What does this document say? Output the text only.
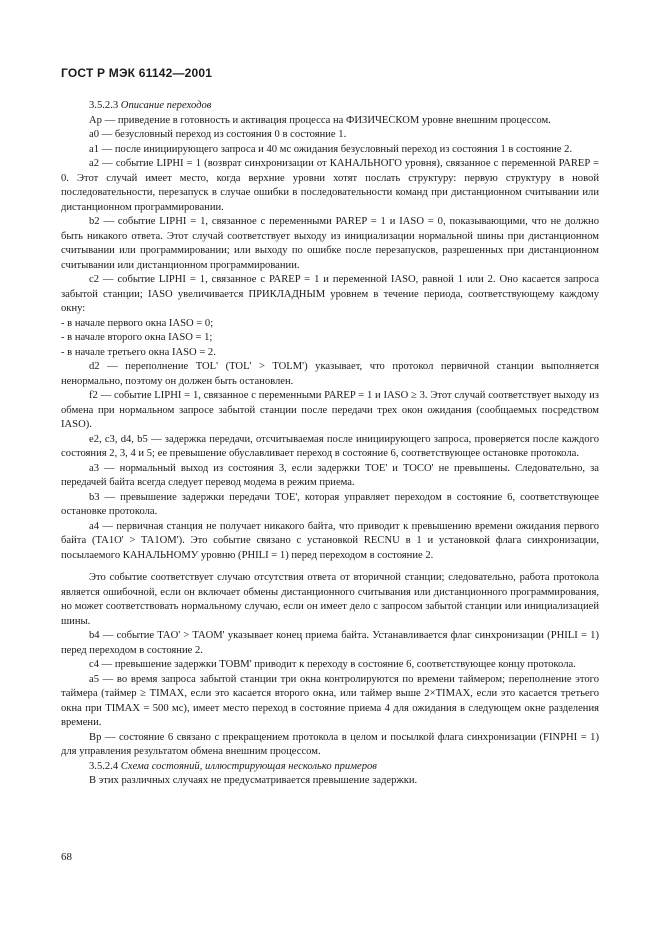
ГОСТ Р МЭК 61142—2001

3.5.2.3 Описание переходов

Ар — приведение в готовность и активация процесса на ФИЗИЧЕСКОМ уровне внешним процессом.

а0 — безусловный переход из состояния 0 в состояние 1.

а1 — после инициирующего запроса и 40 мс ожидания безусловный переход из состояния 1 в состояние 2.

а2 — событие LIPHI = 1 (возврат синхронизации от КАНАЛЬНОГО уровня), связанное с переменной РАREP = 0. Этот случай имеет место, когда верхние уровни хотят послать структуру: первую структуру в новой последовательности, перезапуск в случае ошибки в последовательности команд при дистанционном считывании или дистанционном программировании.

b2 — событие LIPHI = 1, связанное с переменными РАREP = 1 и IASO = 0, показывающими, что не должно быть никакого ответа. Этот случай соответствует выходу из инициализации нормальной шины при дистанционном считывании или программировании; или выходу по ошибке после перезапусков, разрешенных при дистанционном считывании или дистанционном программировании.

с2 — событие LIPHI = 1, связанное с РАREP = 1 и переменной IASO, равной 1 или 2. Оно касается запроса забытой станции; IASO увеличивается ПРИКЛАДНЫМ уровнем в течение периода, соответствующему каждому окну:

- в начале первого окна IASO = 0;

- в начале второго окна IASO = 1;

- в начале третьего окна IASO = 2.

d2 — переполнение TOL' (TOL' > TOLM') указывает, что протокол первичной станции выполняется ненормально, поэтому он должен быть остановлен.

f2 — событие LIPHI = 1, связанное с переменными РАREP = 1 и IASO ≥ 3. Этот случай соответствует выходу из обмена при нормальном запросе забытой станции после передачи трех окон ожидания (сообщаемых посредством IASO).

е2, с3, d4, b5 — задержка передачи, отсчитываемая после инициирующего запроса, проверяется после каждого состояния 2, 3, 4 и 5; ее превышение обуславливает переход в состояние 6, соответствующее остановке протокола.

а3 — нормальный выход из состояния 3, если задержки TOE' и TOCO' не превышены. Следовательно, за передачей байта всегда следует перевод модема в режим приема.

b3 — превышение задержки передачи TOE', которая управляет переходом в состояние 6, соответствующее остановке протокола.

а4 — первичная станция не получает никакого байта, что приводит к превышению времени ожидания первого байта (TA1O' > TA1OM'). Это событие связано с установкой RECNU в 1 и установкой флага синхронизации, посылаемого КАНАЛЬНОМУ уровню (PHILI = 1) перед переходом в состояние 2.

Это событие соответствует случаю отсутствия ответа от вторичной станции; следовательно, работа протокола является ошибочной, если он включает обмены дистанционного считывания или дистанционного программирования, но может соответствовать нормальному случаю, если он имеет дело с запросом забытой станции или инициализацией шины.

b4 — событие TAO' > TAOM' указывает конец приема байта. Устанавливается флаг синхронизации (PHILI = 1) перед переходом в состояние 2.

с4 — превышение задержки TOBM' приводит к переходу в состояние 6, соответствующее концу протокола.

а5 — во время запроса забытой станции три окна контролируются по времени таймером; переполнение этого таймера (таймер ≥ TIMAX, если это касается второго окна, или таймер выше 2×TIMAX, если это касается третьего окна при TIMAX = 500 мс), имеет место переход в состояние приема 4 для ожидания в следующем окне разделения времени.

Вр — состояние 6 связано с прекращением протокола в целом и посылкой флага синхронизации (FINPHI = 1) для управления результатом обмена внешним процессом.

3.5.2.4 Схема состояний, иллюстрирующая несколько примеров

В этих различных случаях не предусматривается превышение задержки.

68
